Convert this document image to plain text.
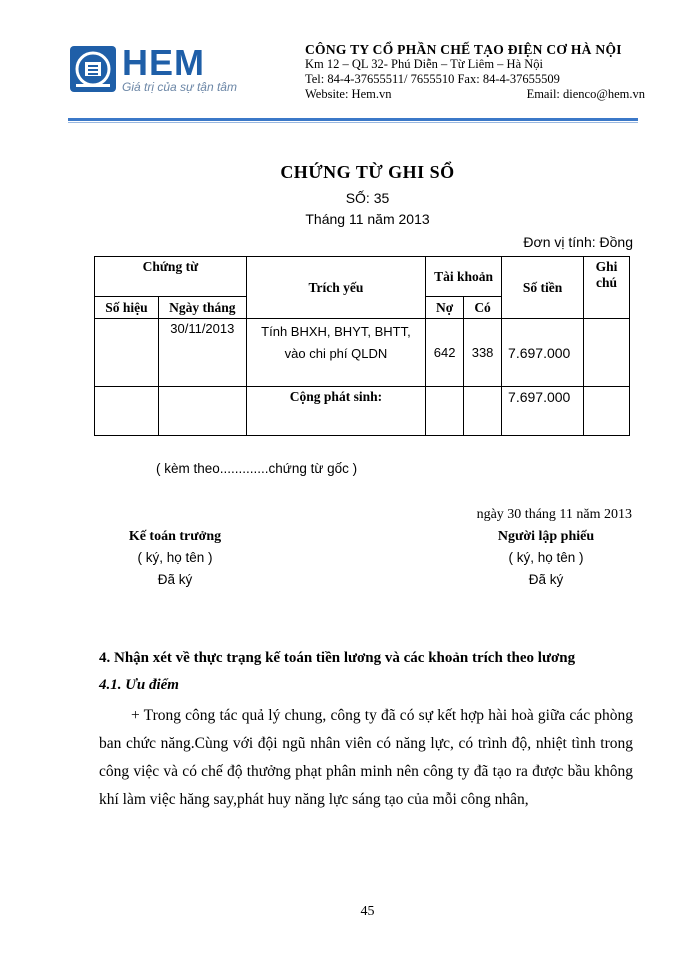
HEM
Giá trị của sự tận tâm
CÔNG TY CỔ PHẦN CHẾ TẠO ĐIỆN CƠ HÀ NỘI
Km 12 – QL 32- Phú Diễn – Từ Liêm – Hà Nội
Tel: 84-4-37655511/ 7655510 Fax: 84-4-37655509
Website: Hem.vn	Email: dienco@hem.vn
CHỨNG TỪ GHI SỔ
SỐ: 35
Tháng 11 năm 2013
Đơn vị tính: Đồng
Chứng từ		Trích yếu	Tài khoản		Số tiền	Ghi chú
Số hiệu	Ngày tháng		Nợ	Có		
	30/11/2013	Tính BHXH, BHYT, BHTT, vào chi phí QLDN	642	338	7.697.000	
		Cộng phát sinh:			7.697.000	
( kèm theo.............chứng từ gốc )
ngày 30 tháng 11 năm 2013
Kế toán trưởng
( ký, họ tên )
Đã ký
Người lập phiếu
( ký, họ tên )
Đã ký
4. Nhận xét về thực trạng kế toán tiền lương và các khoản trích theo lương
4.1. Ưu điểm
+ Trong công tác quả lý chung, công ty đã có sự kết hợp hài hoà giữa các phòng ban chức năng.Cùng với đội ngũ nhân viên có năng lực, có trình độ, nhiệt tình trong công việc và có chế độ thưởng phạt phân minh nên công ty đã tạo ra được bầu không khí làm việc hăng say,phát huy năng lực sáng tạo của mỗi công nhân,
45
